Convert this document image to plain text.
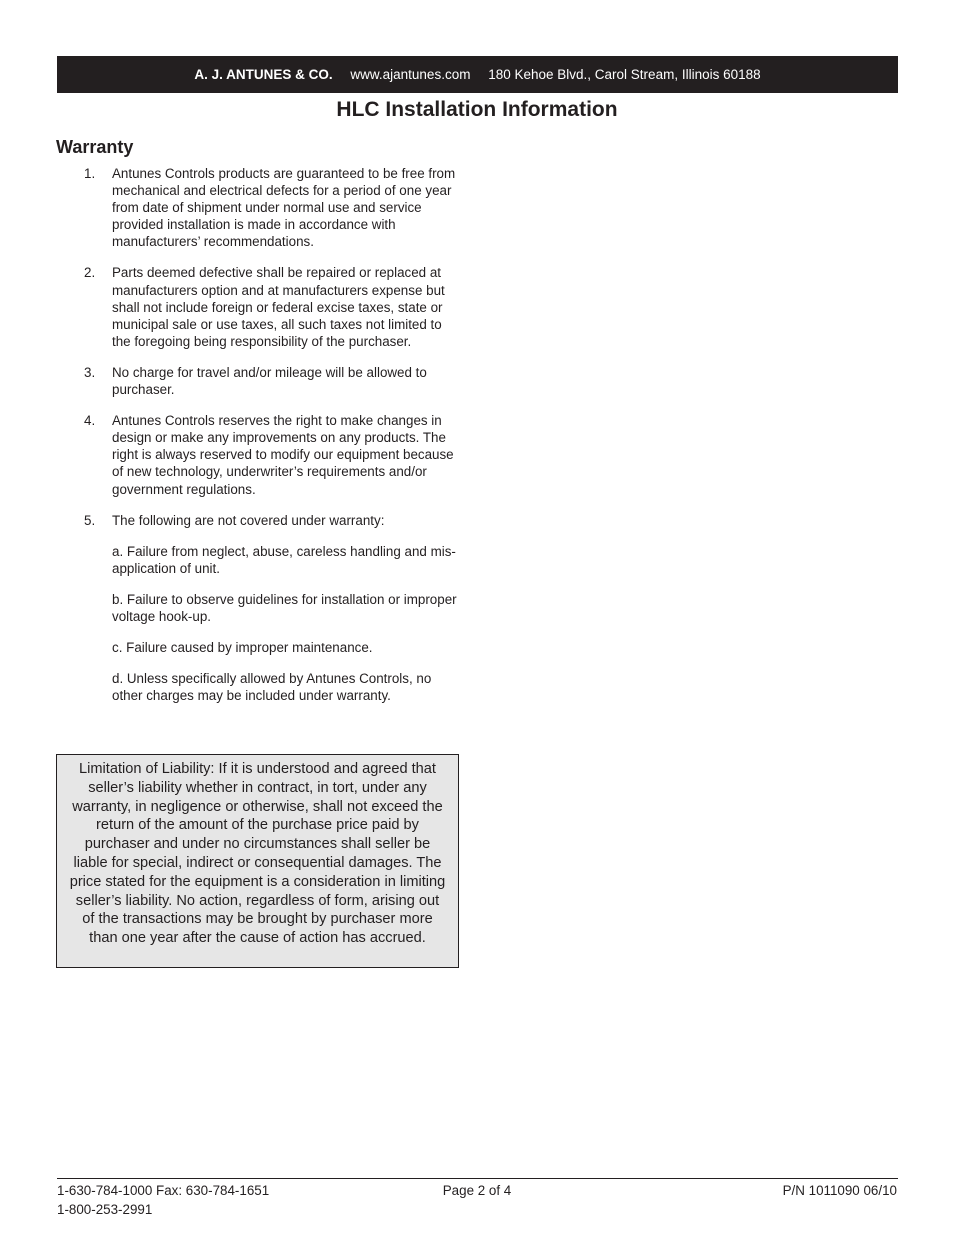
A. J. ANTUNES & CO. www.ajantunes.com 180 Kehoe Blvd., Carol Stream, Illinois 60188
HLC Installation Information
Warranty
1. Antunes Controls products are guaranteed to be free from mechanical and electrical defects for a period of one year from date of shipment under normal use and service provided installation is made in accordance with manufacturers’ recommendations.
2. Parts deemed defective shall be repaired or replaced at manufacturers option and at manufacturers expense but shall not include foreign or federal excise taxes, state or municipal sale or use taxes, all such taxes not limited to the foregoing being responsibility of the purchaser.
3. No charge for travel and/or mileage will be allowed to purchaser.
4. Antunes Controls reserves the right to make changes in design or make any improvements on any products. The right is always reserved to modify our equipment because of new technology, underwriter’s requirements and/or government regulations.
5. The following are not covered under warranty:
a. Failure from neglect, abuse, careless handling and mis-application of unit.
b. Failure to observe guidelines for installation or improper voltage hook-up.
c. Failure caused by improper maintenance.
d. Unless specifically allowed by Antunes Controls, no other charges may be included under warranty.
Limitation of Liability: If it is understood and agreed that seller’s liability whether in contract, in tort, under any warranty, in negligence or otherwise, shall not exceed the return of the amount of the purchase price paid by purchaser and under no circumstances shall seller be liable for special, indirect or consequential damages. The price stated for the equipment is a consideration in limiting seller’s liability. No action, regardless of form, arising out of the transactions may be brought by purchaser more than one year after the cause of action has accrued.
1-630-784-1000 Fax: 630-784-1651
1-800-253-2991
Page 2 of 4	P/N 1011090 06/10
